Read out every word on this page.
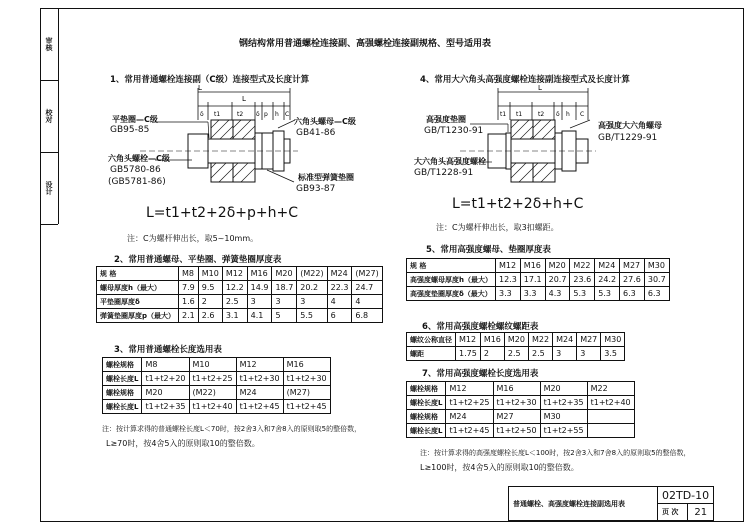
审核
校对
设计
钢结构常用普通螺栓连接副、高强螺栓连接副规格、型号适用表
1、常用普通螺栓连接副（C级）连接型式及长度计算
L
L
δ t1	t2 δ p h C
平垫圈—C级
GB95-85
六角头螺母—C级
GB41-86
六角头螺栓—C级
GB5780-86
(GB5781-86)	标准型弹簧垫圈
GB93-87
L=t1+t2+2δ+p+h+C
注：C为螺杆伸出长，取5~10mm。
2、常用普通螺母、平垫圈、弹簧垫圈厚度表
规 格	M8	M10	M12	M16	M20	(M22)	M24	(M27)
螺母厚度h（最大）	7.9	9.5	12.2	14.9	18.7	20.2	22.3	24.7
平垫圈厚度δ	1.6	2	2.5	3	3	3	4	4
弹簧垫圈厚度p（最大）	2.1	2.6	3.1	4.1	5	5.5	6	6.8
3、常用普通螺栓长度选用表
螺栓规格	M8	M10	M12	M16
螺栓长度L	t1+t2+20	t1+t2+25	t1+t2+30	t1+t2+30
螺栓规格	M20	(M22)	M24	(M27)
螺栓长度L	t1+t2+35	t1+t2+40	t1+t2+45	t1+t2+45
注：按计算求得的普通螺栓长度L＜70时，按2舍3入和7舍8入的原则取5的整倍数，
L≥70时，按4舍5入的原则取10的整倍数。
4、常用大六角头高强度螺栓连接副连接型式及长度计算
L
t1 t1	t2 δ h C
高强度垫圈
GB/T1230-91
高强度大六角螺母
GB/T1229-91
大六角头高强度螺栓
GB/T1228-91
L=t1+t2+2δ+h+C
注：C为螺杆伸出长，取3扣螺距。
5、常用高强度螺母、垫圈厚度表
规 格	M12	M16	M20	M22	M24	M27	M30
高强度螺母厚度h（最大）	12.3	17.1	20.7	23.6	24.2	27.6	30.7
高强度垫圈厚度δ（最大）	3.3	3.3	4.3	5.3	5.3	6.3	6.3
6、常用高强度螺栓螺纹螺距表
螺纹公称直径	M12	M16	M20	M22	M24	M27	M30
螺距	1.75	2	2.5	2.5	3	3	3.5
7、常用高强度螺栓长度选用表
螺栓规格	M12	M16	M20	M22
螺栓长度L	t1+t2+25	t1+t2+30	t1+t2+35	t1+t2+40
螺栓规格	M24	M27	M30	
螺栓长度L	t1+t2+45	t1+t2+50	t1+t2+55	
注：按计算求得的高强度螺栓长度L＜100时，按2舍3入和7舍8入的原则取5的整倍数，
L≥100时，按4舍5入的原则取10的整倍数。
普通螺栓、高强度螺栓连接副选用表	02TD-10	
	页 次	21
